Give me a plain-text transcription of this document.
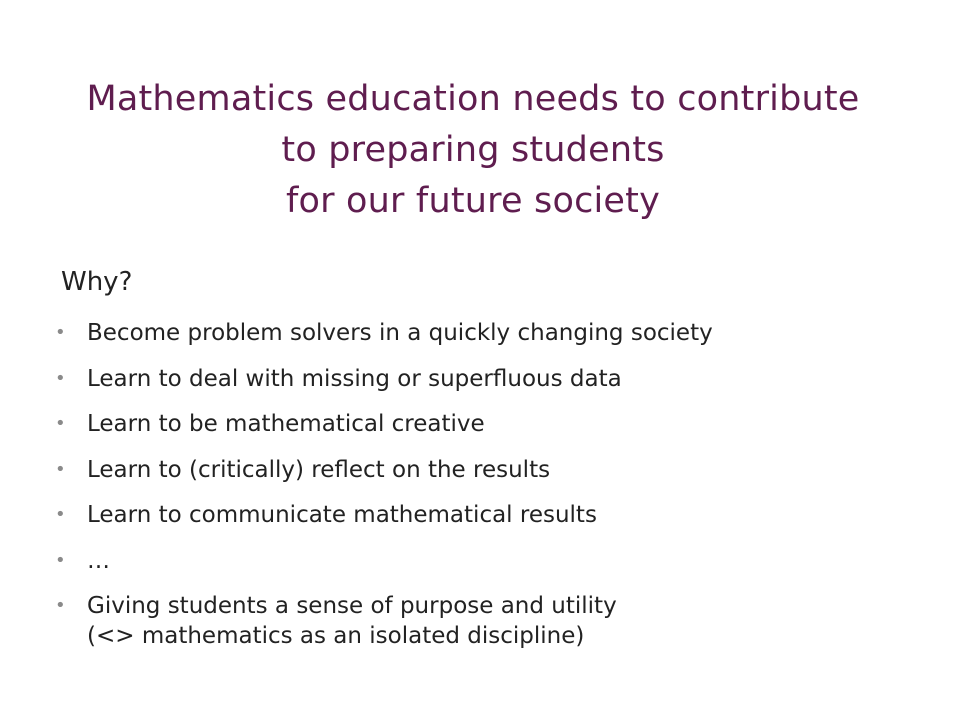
Mathematics education needs to contribute
to preparing students
for our future society
Why?
• Become problem solvers in a quickly changing society
• Learn to deal with missing or superfluous data
• Learn to be mathematical creative
• Learn to (critically) reflect on the results
• Learn to communicate mathematical results
• …
• Giving students a sense of purpose and utility
(<> mathematics as an isolated discipline)
